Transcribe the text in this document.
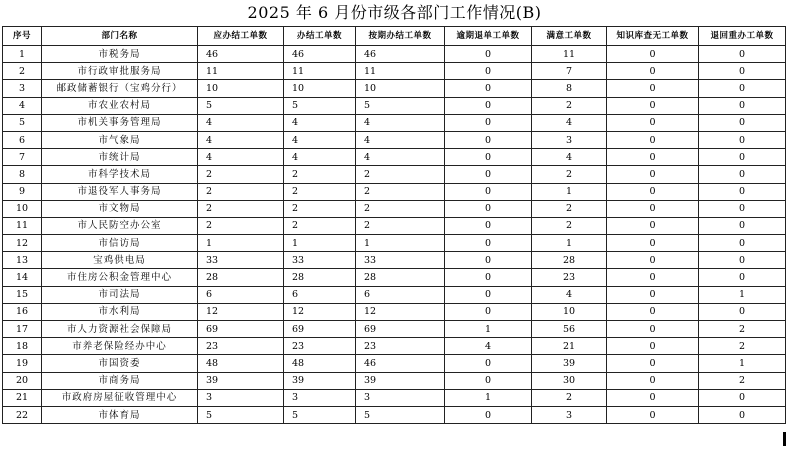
2025 年 6 月份市级各部门工作情况(B)
序号	部门名称	应办结工单数	办结工单数	按期办结工单数	逾期退单工单数	满意工单数	知识库查无工单数	退回重办工单数
1	市税务局	46	46	46	0	11	0	0
2	市行政审批服务局	11	11	11	0	7	0	0
3	邮政储蓄银行（宝鸡分行）	10	10	10	0	8	0	0
4	市农业农村局	5	5	5	0	2	0	0
5	市机关事务管理局	4	4	4	0	4	0	0
6	市气象局	4	4	4	0	3	0	0
7	市统计局	4	4	4	0	4	0	0
8	市科学技术局	2	2	2	0	2	0	0
9	市退役军人事务局	2	2	2	0	1	0	0
10	市文物局	2	2	2	0	2	0	0
11	市人民防空办公室	2	2	2	0	2	0	0
12	市信访局	1	1	1	0	1	0	0
13	宝鸡供电局	33	33	33	0	28	0	0
14	市住房公积金管理中心	28	28	28	0	23	0	0
15	市司法局	6	6	6	0	4	0	1
16	市水利局	12	12	12	0	10	0	0
17	市人力资源社会保障局	69	69	69	1	56	0	2
18	市养老保险经办中心	23	23	23	4	21	0	2
19	市国资委	48	48	46	0	39	0	1
20	市商务局	39	39	39	0	30	0	2
21	市政府房屋征收管理中心	3	3	3	1	2	0	0
22	市体育局	5	5	5	0	3	0	0
